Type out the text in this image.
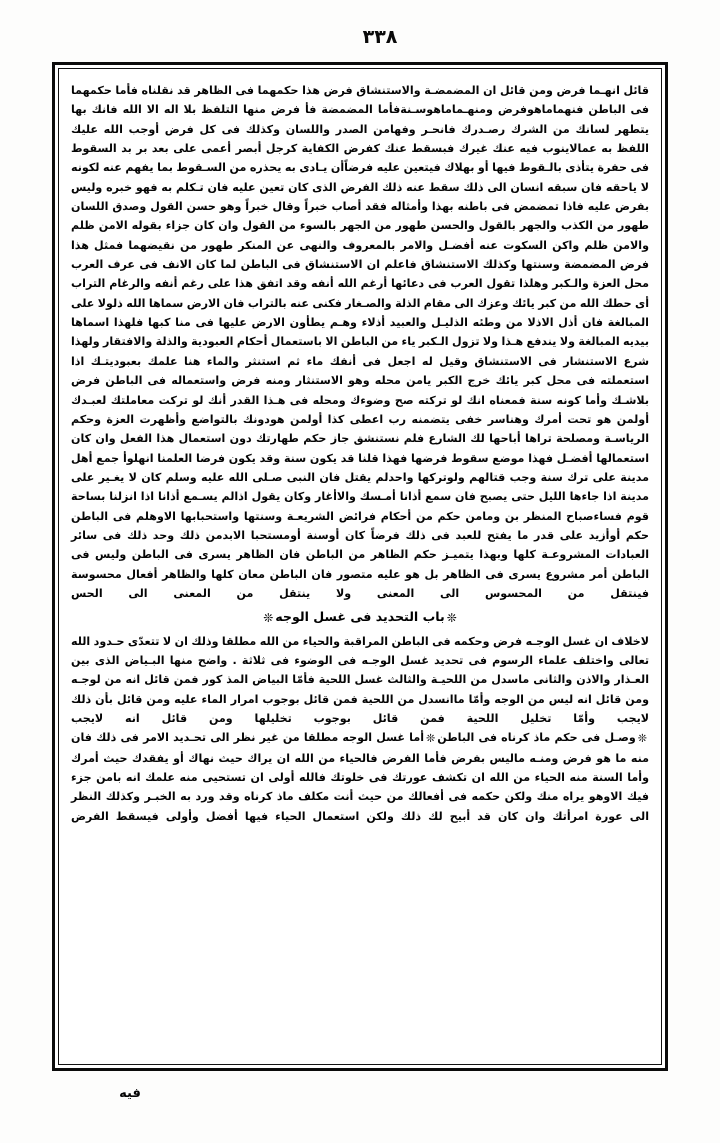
٣٣٨

قائل انهـما فرض ومن قائل ان المضمضـة والاستنشاق فرض هذا حكمهما فى الظاهر قد نقلناه فأما حكمهما فى الباطن فنهماماهوفرض ومنهـماماهوسـنةفأما المضمضة فأ فرض منها التلفظ بلا اله الا الله فانك بها يتطهر لسانك من الشرك رصـدرك فانحـر وفهامن الصدر واللسان وكذلك فى كل فرض أوجب الله عليك اللفظ به عمالاينوب فيه عنك غيرك فبسقط عنك كفرض الكفاية كرجل أبصر أعمى على بعد بر بد السقوط فى حفرة يتأذى بالـقوط فيها أو بهلاك فيتعين عليه فرضاًأن يـادى به يحذره من السـقوط بما يفهم عنه لكونه لا ياحقه فان سبقه انسان الى ذلك سقط عنه ذلك الفرض الذى كان تعين عليه فان تـكلم به فهو خبره وليس بفرض عليه فاذا تمضمض فى باطنه بهذا وأمثاله فقد أصاب خبراً وقال خبراً وهو حسن القول وصدق اللسان طهور من الكذب والجهر بالقول والحسن طهور من الجهر بالسوء من القول وان كان جزاء بقوله الامن ظلم والامن ظلم واكن السكوت عنه أفضـل والامر بالمعروف والنهى عن المنكر طهور من نقيضهما فمثل هذا فرض المضمضة وسنتها وكذلك الاستنشاق فاعلم ان الاستنشاق فى الباطن لما كان الانف فى عرف العرب محل العزة والـكبر وهلذا تقول العرب فى دعائها أرغم الله أنفه وقد اتفق هذا على رغم أنفه والرغام التراب أى حطك الله من كبر يائك وعزك الى مقام الذلة والصـغار فكنى عنه بالتراب فان الارض سماها الله ذلولا على المبالغة فان أذل الاذلا من وطئه الذليـل والعبيد أذلاء وهـم يطأون الارض عليها فى منا كبها فلهذا اسماها بيديه المبالغة ولا يندفع هـذا ولا تزول الـكبر ياء من الباطن الا باستعمال أحكام العبودية والذلة والافتقار ولهذا شرع الاستنشار فى الاستنشاق وقيل له اجعل فى أنفك ماء ثم استنثر والماء هنا علمك بعبوديتـك اذا استعملته فى محل كبر يائك خرج الكبر يامن محله وهو الاستنثار ومنه فرض واستعماله فى الباطن فرض بلاشـك وأما كونه سنة فمعناه انك لو تركته صح وضوءك ومحله فى هـذا القدر أنك لو تركت معاملتك لعبـدك أولمن هو تحت أمرك وهناسر خفى يتضمنه رب اعطى كذا أولمن هودونك بالتواضع وأظهرت العزة وحكم الرياسـة ومصلحة تراها أباحها لك الشارع فلم نستنشق جاز حكم طهارتك دون استعمال هذا الفعل وان كان استعمالها أفضـل فهذا موضع سقوط فرضها فهذا قلنا قد يكون سنة وقد يكون فرضا العلمنا انهلوأ جمع أهل مدينة على ترك سنة وجب قتالهم ولوتركها واحدلم يقتل فان النبى صـلى الله عليه وسلم كان لا يغـير على مدينة اذا جاءها الليل حتى يصبح فان سمع أذانا أمـسك والاأغار وكان يقول اذالم يسـمع أذانا اذا انزلنا بساحة قوم فساءصباح المنظر بن ومامن حكم من أحكام فرائض الشريعـة وسنتها واستحبابها الاوهلم فى الباطن حكم أوأزيد على قدر ما يفتح للعبد فى ذلك فرضاً كان أوسنة أومستحبا الابدمن ذلك وحد ذلك فى سائر العبادات المشروعـة كلها وبهذا يتميـز حكم الظاهر من الباطن فان الظاهر يسرى فى الباطن وليس فى الباطن أمر مشروع يسرى فى الظاهر بل هو عليه متصور فان الباطن معان كلها والظاهر أفعال محسوسة فينتقل من المحسوس الى المعنى ولا ينتقل من المعنى الى الحس

❊باب التحديد فى غسل الوجه❊

لاخلاف ان غسل الوجـه فرض وحكمه فى الباطن المراقبة والحياء من الله مطلقا وذلك ان لا تتعدّى حـدود الله تعالى واختلف علماء الرسوم فى تحديد غسل الوجـه فى الوضوء فى ثلاثة . واضح منها البـياض الذى بين العـذار والاذن والثانى ماسدل من اللحيـة والثالث غسل اللحية فأمّا البياض المذ كور فمن قائل انه من لوجـه ومن قائل انه ليس من الوجه وأمّا ماانسدل من اللحية فمن قائل بوجوب امرار الماء عليه ومن قائل بأن ذلك لايجب وأمّا تخليل اللحية فمن قائل بوجوب تخليلها ومن قائل انه لايجب

❊وصـل فى حكم ماذ كرناه فى الباطن❊أما غسل الوجه مطلقا من غير نظر الى تحـديد الامر فى ذلك فان منه ما هو فرض ومنـه ماليس بفرض فأما الفرض فالحياء من الله ان يراك حيث نهاك أو يفقدك حيث أمرك وأما السنة منه الحياء من الله ان تكشف عورتك فى خلوتك فالله أولى ان تستحيى منه علمك انه بامن جزء فيك الاوهو يراه منك ولكن حكمه فى أفعالك من حيث أنت مكلف ماذ كرناه وقد ورد به الخبـر وكذلك النظر الى عورة امرأتك وان كان قد أبيح لك ذلك ولكن استعمال الحياء فيها أفضل وأولى فيسقط الفرض

فيه
